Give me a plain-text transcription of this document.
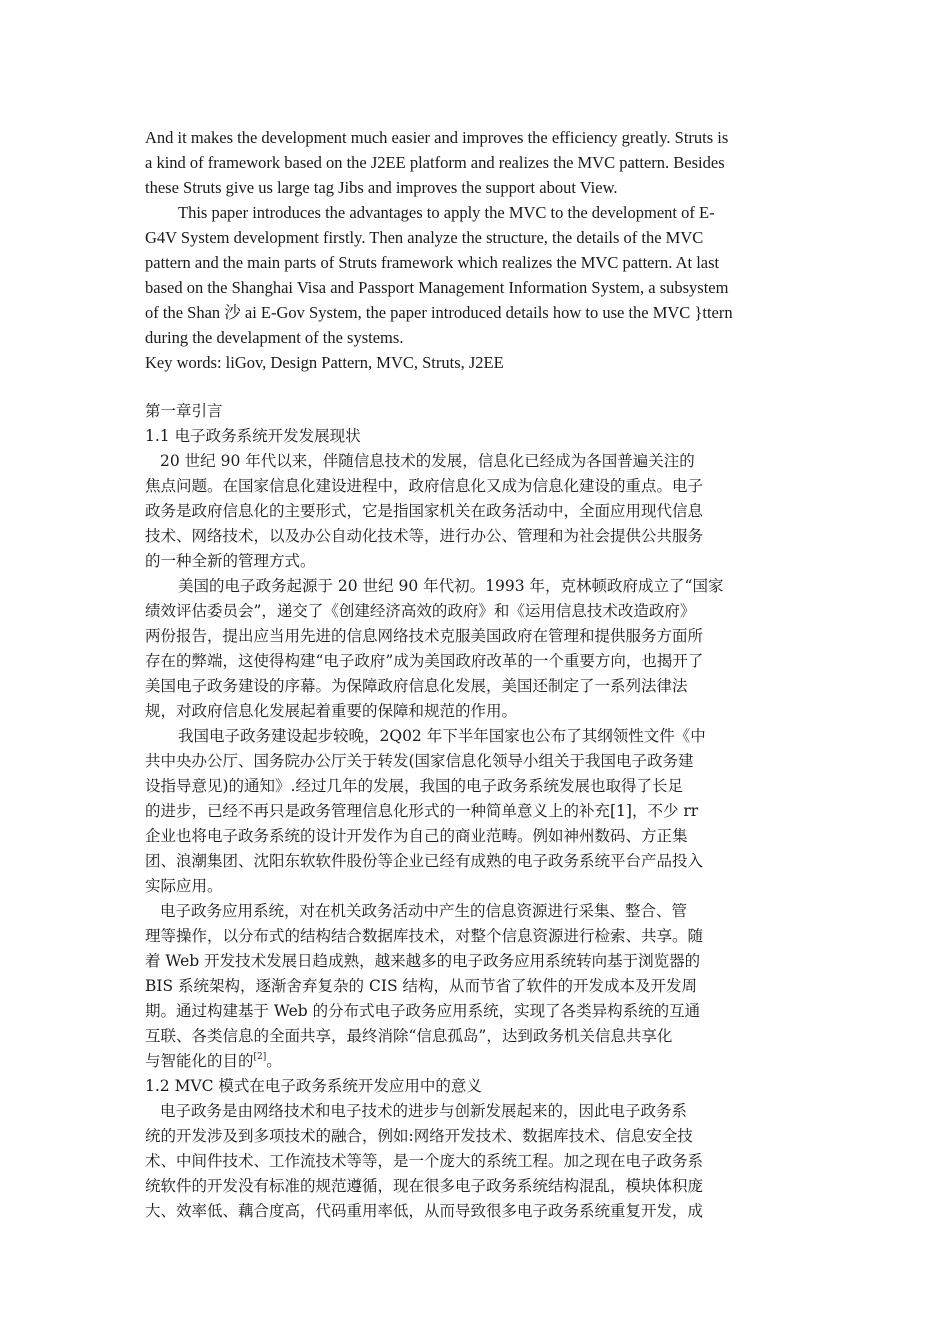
And it makes the development much easier and improves the efficiency greatly. Struts is
a kind of framework based on the J2EE platform and realizes the MVC pattern. Besides
these Struts give us large tag Jibs and improves the support about View.
This paper introduces the advantages to apply the MVC to the development of E-
G4V System development firstly. Then analyze the structure, the details of the MVC
pattern and the main parts of Struts framework which realizes the MVC pattern. At last
based on the Shanghai Visa and Passport Management Information System, a subsystem
of the Shan 沙 ai E-Gov System, the paper introduced details how to use the MVC }ttern
during the develapment of the systems.
Key words: liGov, Design Pattern, MVC, Struts, J2EE
第一章引言
1.1 电子政务系统开发发展现状
20 世纪 90 年代以来，伴随信息技术的发展，信息化已经成为各国普遍关注的
焦点问题。在国家信息化建设进程中，政府信息化又成为信息化建设的重点。电子
政务是政府信息化的主要形式，它是指国家机关在政务活动中，全面应用现代信息
技术、网络技术，以及办公自动化技术等，进行办公、管理和为社会提供公共服务
的一种全新的管理方式。
美国的电子政务起源于 20 世纪 90 年代初。1993 年，克林顿政府成立了“国家
绩效评估委员会”，递交了《创建经济高效的政府》和《运用信息技术改造政府》
两份报告，提出应当用先进的信息网络技术克服美国政府在管理和提供服务方面所
存在的弊端，这使得构建“电子政府”成为美国政府改革的一个重要方向，也揭开了
美国电子政务建设的序幕。为保障政府信息化发展，美国还制定了一系列法律法
规，对政府信息化发展起着重要的保障和规范的作用。
我国电子政务建设起步较晚，2Q02 年下半年国家也公布了其纲领性文件《中
共中央办公厅、国务院办公厅关于转发(国家信息化领导小组关于我国电子政务建
设指导意见)的通知》.经过几年的发展，我国的电子政务系统发展也取得了长足
的进步，已经不再只是政务管理信息化形式的一种简单意义上的补充[1]，不少 rr
企业也将电子政务系统的设计开发作为自己的商业范畴。例如神州数码、方正集
团、浪潮集团、沈阳东软软件股份等企业已经有成熟的电子政务系统平台产品投入
实际应用。
电子政务应用系统，对在机关政务活动中产生的信息资源进行采集、整合、管
理等操作，以分布式的结构结合数据库技术，对整个信息资源进行检索、共享。随
着 Web 开发技术发展日趋成熟，越来越多的电子政务应用系统转向基于浏览器的
BIS 系统架构，逐渐舍弃复杂的 CIS 结构，从而节省了软件的开发成本及开发周
期。通过构建基于 Web 的分布式电子政务应用系统，实现了各类异构系统的互通
互联、各类信息的全面共享，最终消除“信息孤岛”，达到政务机关信息共享化
与智能化的目的[2]。
1.2 MVC 模式在电子政务系统开发应用中的意义
电子政务是由网络技术和电子技术的进步与创新发展起来的，因此电子政务系
统的开发涉及到多项技术的融合，例如:网络开发技术、数据库技术、信息安全技
术、中间件技术、工作流技术等等，是一个庞大的系统工程。加之现在电子政务系
统软件的开发没有标准的规范遵循，现在很多电子政务系统结构混乱，模块体积庞
大、效率低、藕合度高，代码重用率低，从而导致很多电子政务系统重复开发，成
